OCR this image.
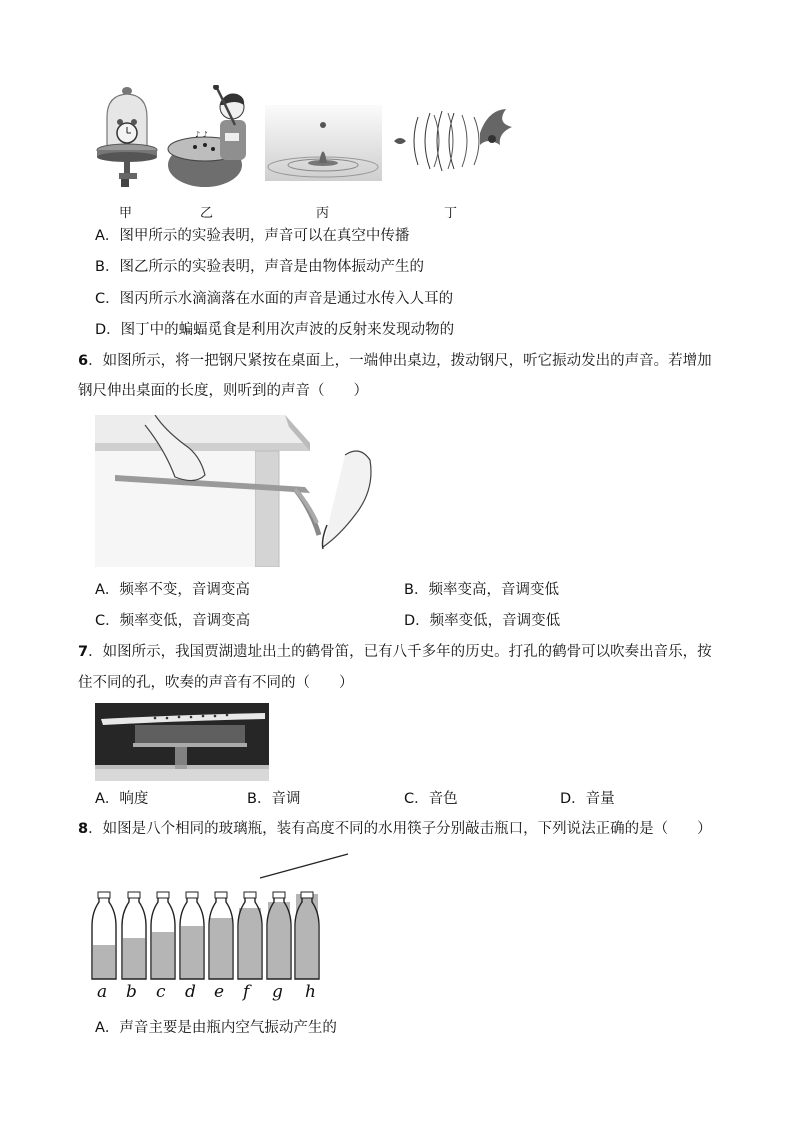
♪ ♪
甲	乙	丙	丁
A．图甲所示的实验表明，声音可以在真空中传播
B．图乙所示的实验表明，声音是由物体振动产生的
C．图丙所示水滴滴落在水面的声音是通过水传入人耳的
D．图丁中的蝙蝠觅食是利用次声波的反射来发现动物的
6．如图所示，将一把钢尺紧按在桌面上，一端伸出桌边，拨动钢尺，听它振动发出的声音。若增加
钢尺伸出桌面的长度，则听到的声音（　　）
A．频率不变，音调变高	B．频率变高，音调变低
C．频率变低，音调变高	D．频率变低，音调变低
7．如图所示，我国贾湖遗址出土的鹤骨笛，已有八千多年的历史。打孔的鹤骨可以吹奏出音乐，按
住不同的孔，吹奏的声音有不同的（　　）
A．响度	B．音调	C．音色	D．音量
8．如图是八个相同的玻璃瓶，装有高度不同的水用筷子分别敲击瓶口，下列说法正确的是（　　）
a b c d e f g h
A．声音主要是由瓶内空气振动产生的
